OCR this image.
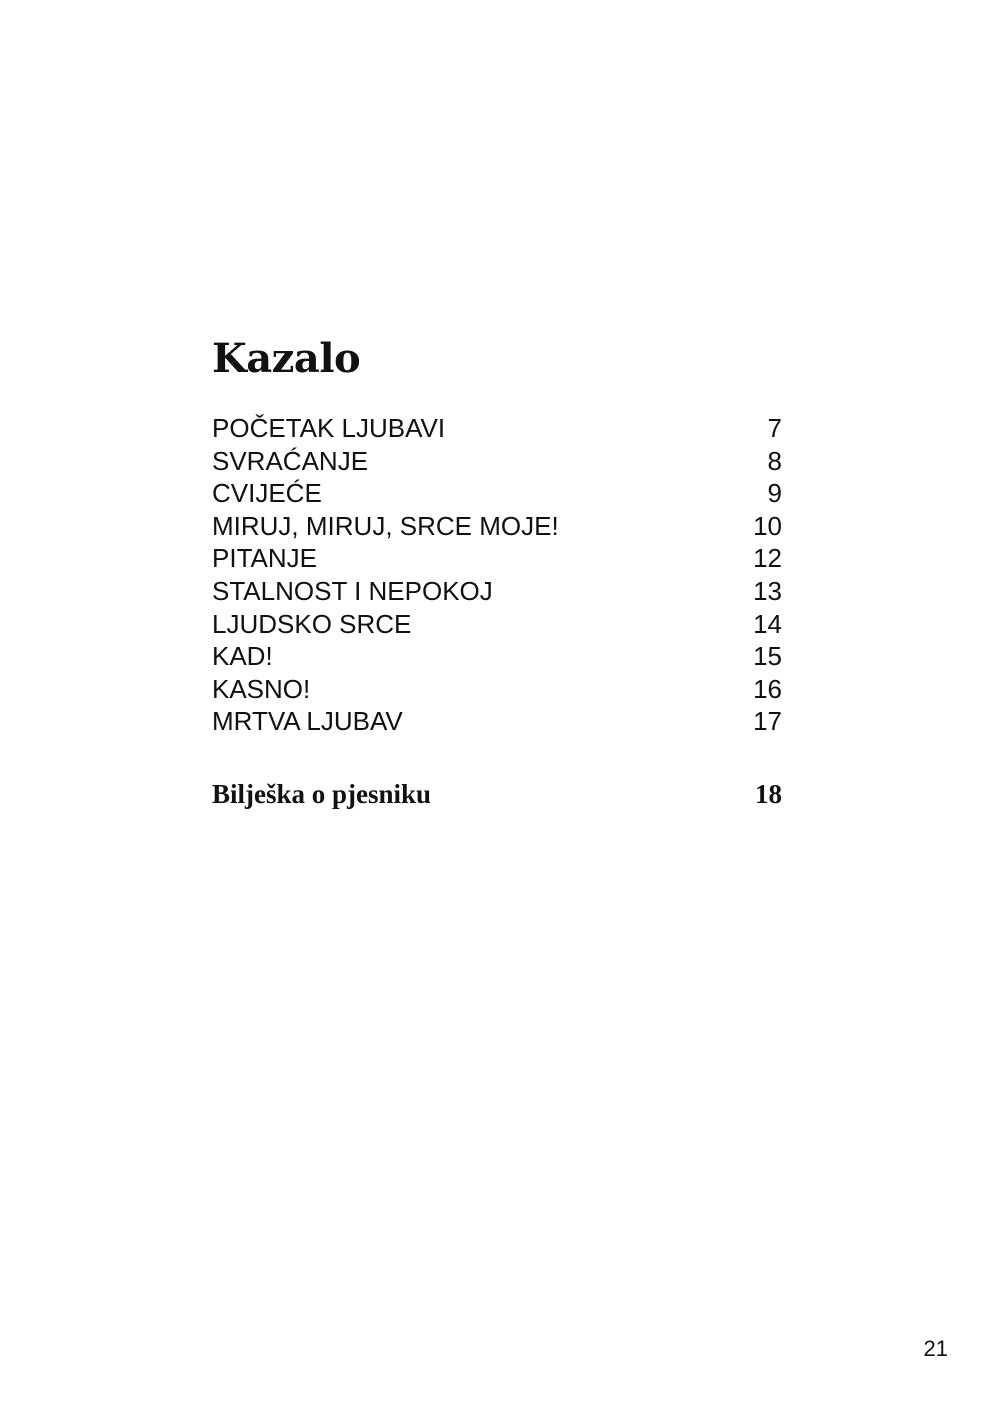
Kazalo
POČETAK LJUBAVI	7
SVRAĆANJE	8
CVIJEĆE	9
MIRUJ, MIRUJ, SRCE MOJE!	10
PITANJE	12
STALNOST I NEPOKOJ	13
LJUDSKO SRCE	14
KAD!	15
KASNO!	16
MRTVA LJUBAV	17
Bilješka o pjesniku	18
21
